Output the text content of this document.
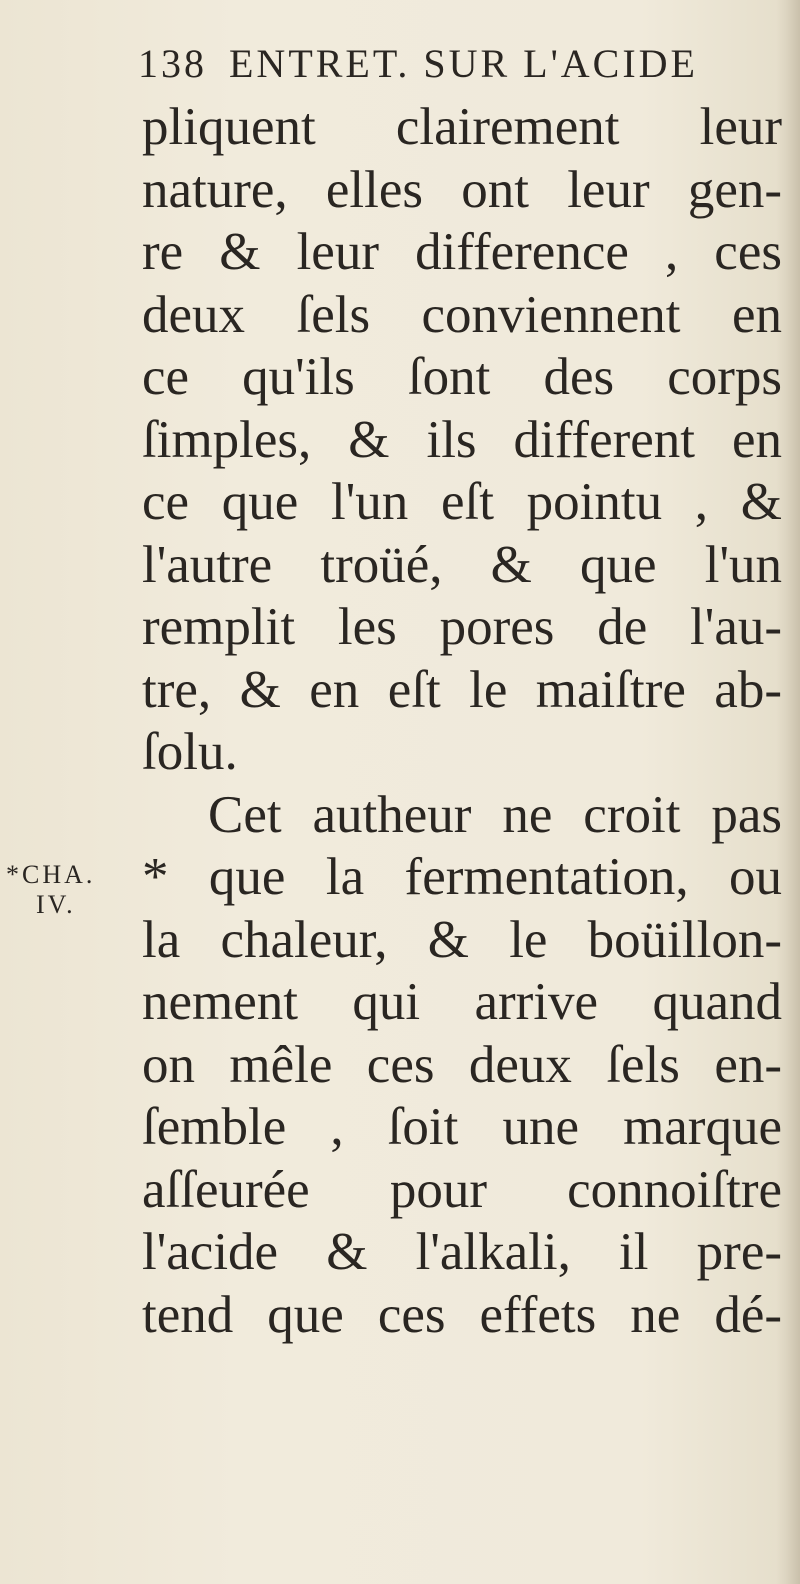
138 ENTRET. SUR L'ACIDE
*CHA.
IV.
pliquent clairement leur
nature, elles ont leur gen-
re & leur difference , ces
deux ſels conviennent en
ce qu'ils ſont des corps
ſimples, & ils different en
ce que l'un eſt pointu , &
l'autre troüé, & que l'un
remplit les pores de l'au-
tre, & en eſt le maiſtre ab-
ſolu.
Cet autheur ne croit pas
* que la fermentation, ou
la chaleur, & le boüillon-
nement qui arrive quand
on mêle ces deux ſels en-
ſemble , ſoit une marque
aſſeurée pour connoiſtre
l'acide & l'alkali, il pre-
tend que ces effets ne dé-
